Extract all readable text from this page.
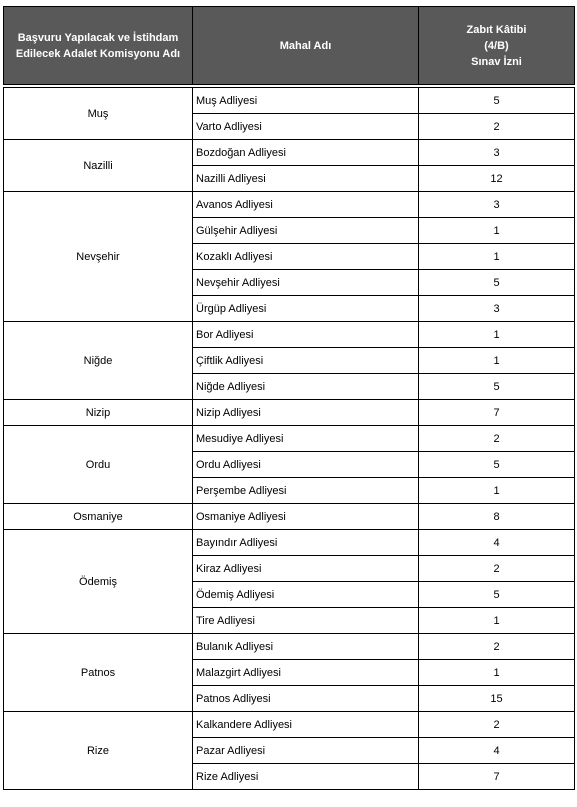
Başvuru Yapılacak ve İstihdam
Edilecek Adalet Komisyonu Adı	Mahal Adı	Zabıt Kâtibi
(4/B)
Sınav İzni

Muş	Muş Adliyesi	5
	Varto Adliyesi	2
Nazilli	Bozdoğan Adliyesi	3
	Nazilli Adliyesi	12
Nevşehir	Avanos Adliyesi	3
	Gülşehir Adliyesi	1
	Kozaklı Adliyesi	1
	Nevşehir Adliyesi	5
	Ürgüp Adliyesi	3
Niğde	Bor Adliyesi	1
	Çiftlik Adliyesi	1
	Niğde Adliyesi	5
Nizip	Nizip Adliyesi	7
Ordu	Mesudiye Adliyesi	2
	Ordu Adliyesi	5
	Perşembe Adliyesi	1
Osmaniye	Osmaniye Adliyesi	8
Ödemiş	Bayındır Adliyesi	4
	Kiraz Adliyesi	2
	Ödemiş Adliyesi	5
	Tire Adliyesi	1
Patnos	Bulanık Adliyesi	2
	Malazgirt Adliyesi	1
	Patnos Adliyesi	15
Rize	Kalkandere Adliyesi	2
	Pazar Adliyesi	4
	Rize Adliyesi	7
